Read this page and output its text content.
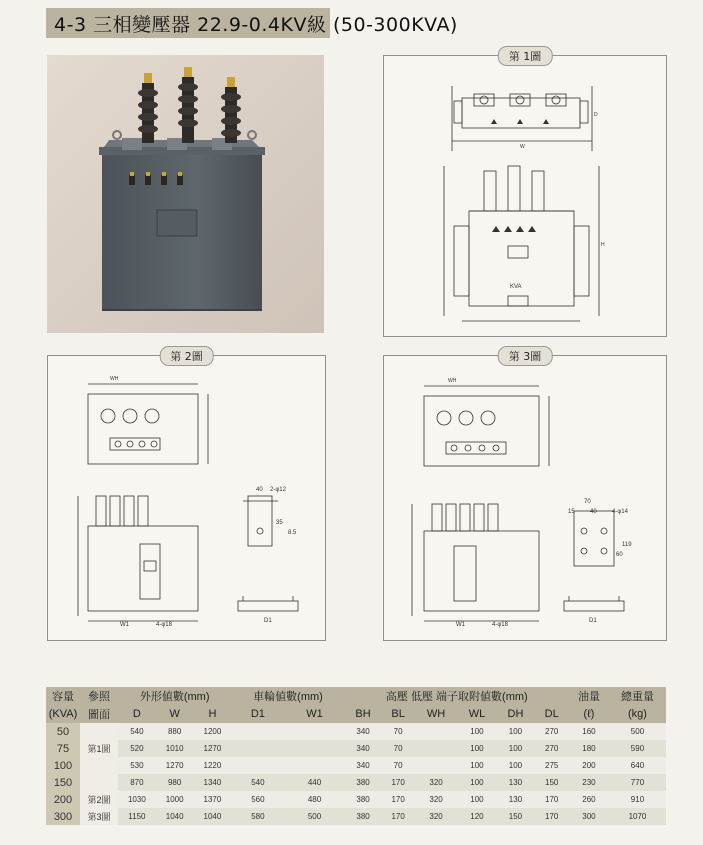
4-3 三相變壓器 22.9-0.4KV級 (50-300KVA)
第 1圖
KVA
W
H
D
第 2圖
40 2-φ12
35
8.5
4-φ18
W1
D1
WH
第 3圖
70
15	40	4-φ14
119
60
4-φ18
W1
D1
WH
容量	參照	外形値數(mm)			車輪値數(mm)		高壓 低壓 端子取附値數(mm)						油量	總重量
(KVA)	圖面	D	W	H	D1	W1	BH	BL	WH	WL	DH	DL	(ℓ)	(kg)
50		540	880	1200			340	70		100	100	270	160	500
75	第1圖	520	1010	1270			340	70		100	100	270	180	590
100		530	1270	1220			340	70		100	100	275	200	640
150		870	980	1340	540	440	380	170	320	100	130	150	230	770
200	第2圖	1030	1000	1370	560	480	380	170	320	100	130	170	260	910
300	第3圖	1150	1040	1040	580	500	380	170	320	120	150	170	300	1070
